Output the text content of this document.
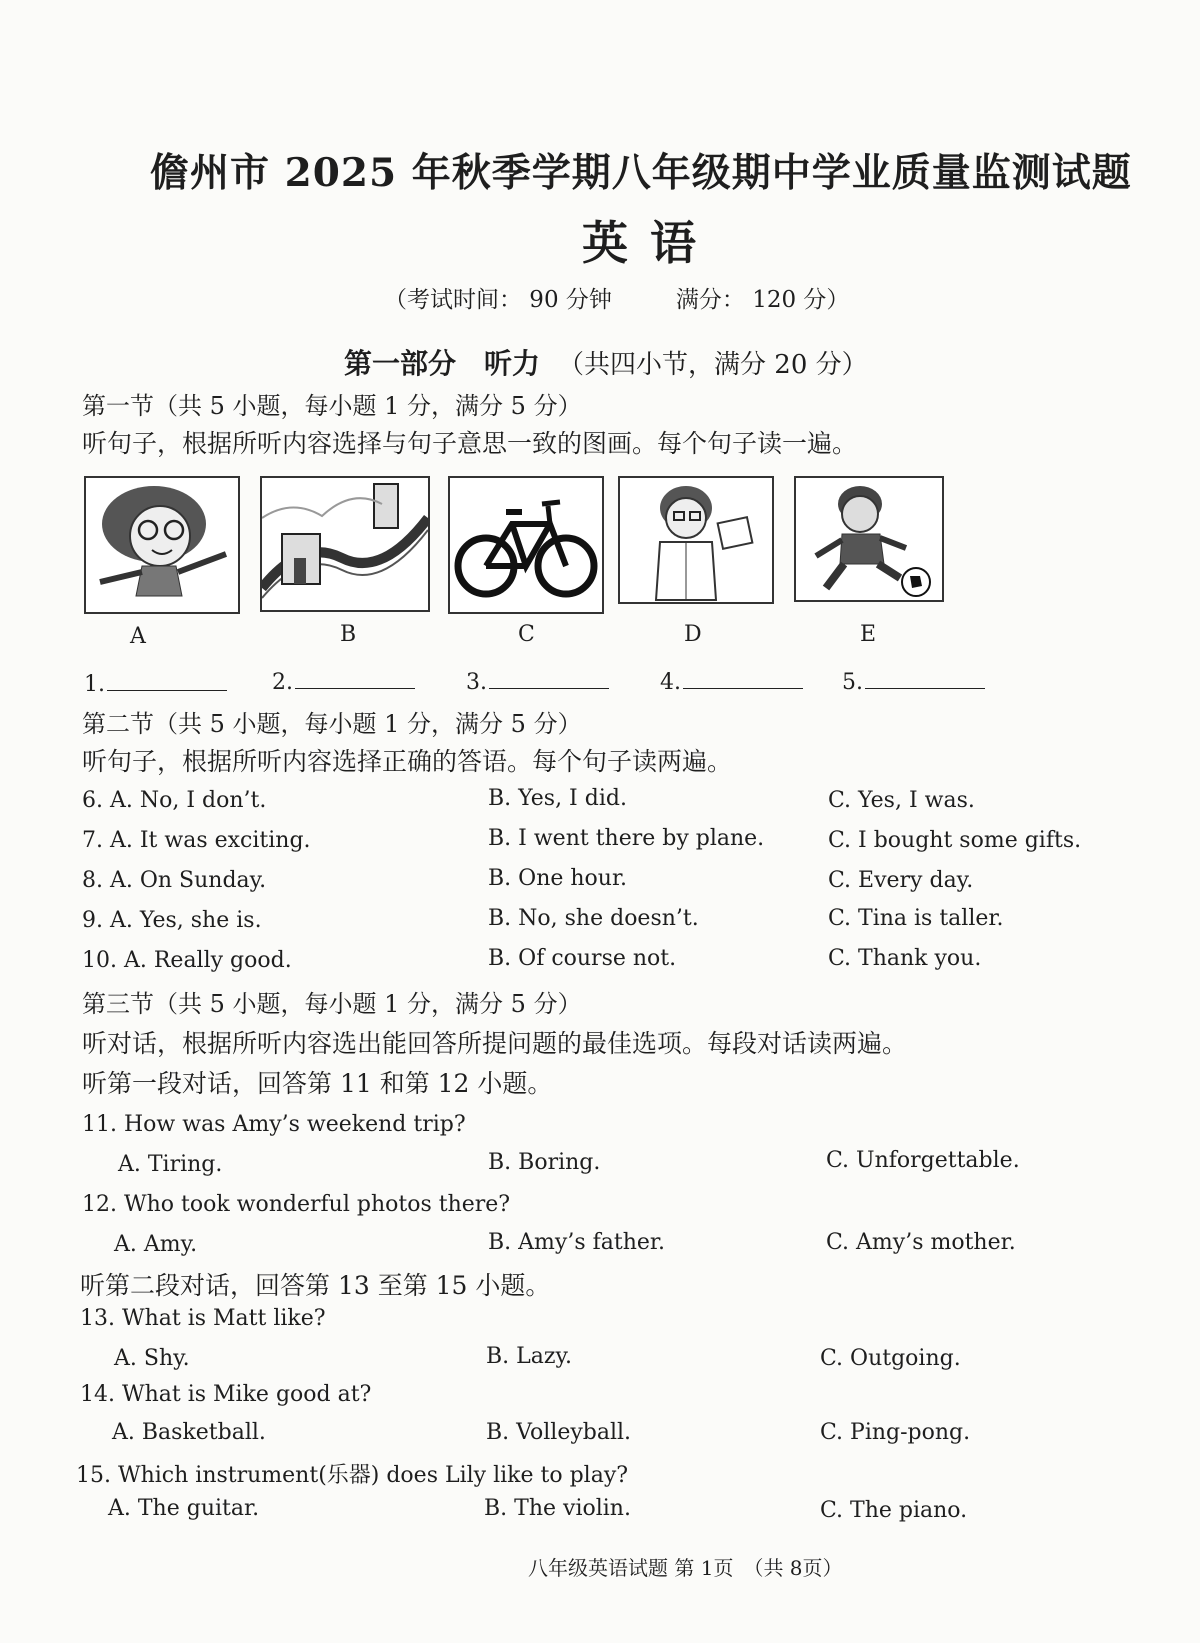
儋州市 2025 年秋季学期八年级期中学业质量监测试题
英语
（考试时间： 90 分钟	满分： 120 分）
第一部分　听力 （共四小节，满分 20 分）
第一节（共 5 小题，每小题 1 分，满分 5 分）
听句子，根据所听内容选择与句子意思一致的图画。每个句子读一遍。
A	B	C	D	E
1.	2.	3.	4.	5.
第二节（共 5 小题，每小题 1 分，满分 5 分）
听句子，根据所听内容选择正确的答语。每个句子读两遍。
6. A. No, I don’t.	B. Yes, I did.	C. Yes, I was.
7. A. It was exciting.	B. I went there by plane.	C. I bought some gifts.
8. A. On Sunday.	B. One hour.	C. Every day.
9. A. Yes, she is.	B. No, she doesn’t.	C. Tina is taller.
10. A. Really good.	B. Of course not.	C. Thank you.
第三节（共 5 小题，每小题 1 分，满分 5 分）
听对话，根据所听内容选出能回答所提问题的最佳选项。每段对话读两遍。
听第一段对话，回答第 11 和第 12 小题。
11. How was Amy’s weekend trip?
A. Tiring.	B. Boring.	C. Unforgettable.
12. Who took wonderful photos there?
A. Amy.	B. Amy’s father.	C. Amy’s mother.
听第二段对话，回答第 13 至第 15 小题。
13. What is Matt like?
A. Shy.	B. Lazy.	C. Outgoing.
14. What is Mike good at?
A. Basketball.	B. Volleyball.	C. Ping-pong.
15. Which instrument(乐器) does Lily like to play?
A. The guitar.	B. The violin.	C. The piano.
八年级英语试题 第 1页　（共 8页）
